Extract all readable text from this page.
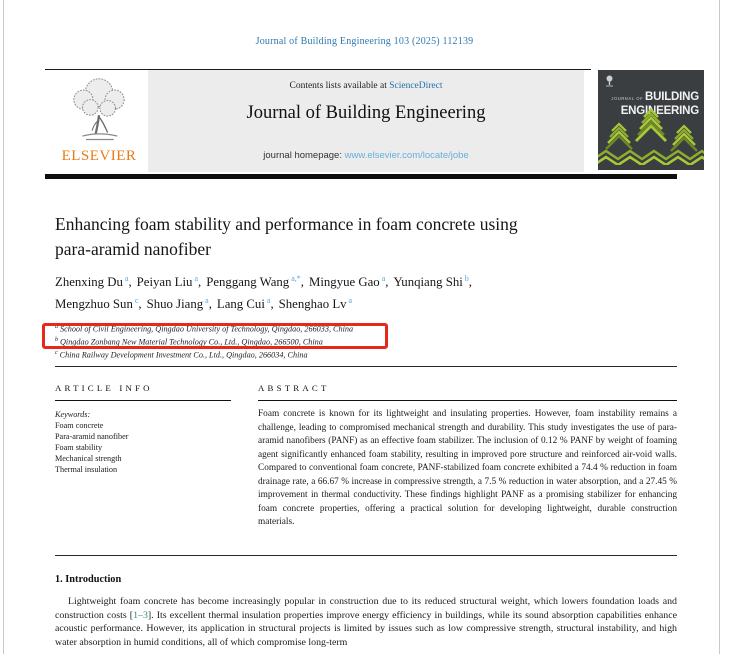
Journal of Building Engineering 103 (2025) 112139
Contents lists available at ScienceDirect
Journal of Building Engineering
journal homepage: www.elsevier.com/locate/jobe
ELSEVIER
JOURNAL OF BUILDING
ENGINEERING
Enhancing foam stability and performance in foam concrete using
para-aramid nanofiber
Zhenxing Du $^a$, Peiyan Liu $^a$, Penggang Wang $^{a,*}$, Mingyue Gao $^a$, Yunqiang Shi $^b$,
Mengzhuo Sun $^c$, Shuo Jiang $^a$, Lang Cui $^a$, Shenghao Lv $^a$
$^a$ School of Civil Engineering, Qingdao University of Technology, Qingdao, 266033, China
$^b$ Qingdao Zonbang New Material Technology Co., Ltd., Qingdao, 266500, China
$^c$ China Railway Development Investment Co., Ltd., Qingdao, 266034, China
ARTICLE INFO
Keywords:
Foam concrete
Para-aramid nanofiber
Foam stability
Mechanical strength
Thermal insulation
ABSTRACT
Foam concrete is known for its lightweight and insulating properties. However, foam instability remains a challenge, leading to compromised mechanical strength and durability. This study investigates the use of para-aramid nanofibers (PANF) as an effective foam stabilizer. The inclusion of 0.12 % PANF by weight of foaming agent significantly enhanced foam stability, resulting in improved pore structure and reinforced air-void walls. Compared to conventional foam concrete, PANF-stabilized foam concrete exhibited a 74.4 % reduction in foam drainage rate, a 66.67 % increase in compressive strength, a 7.5 % reduction in water absorption, and a 27.45 % improvement in thermal conductivity. These findings highlight PANF as a promising stabilizer for enhancing foam concrete properties, offering a practical solution for developing lightweight, durable construction materials.
1. Introduction
Lightweight foam concrete has become increasingly popular in construction due to its reduced structural weight, which lowers foundation loads and construction costs [1–3]. Its excellent thermal insulation properties improve energy efficiency in buildings, while its sound absorption capabilities enhance acoustic performance. However, its application in structural projects is limited by issues such as low compressive strength, structural instability, and high water absorption in humid conditions, all of which compromise long-term
